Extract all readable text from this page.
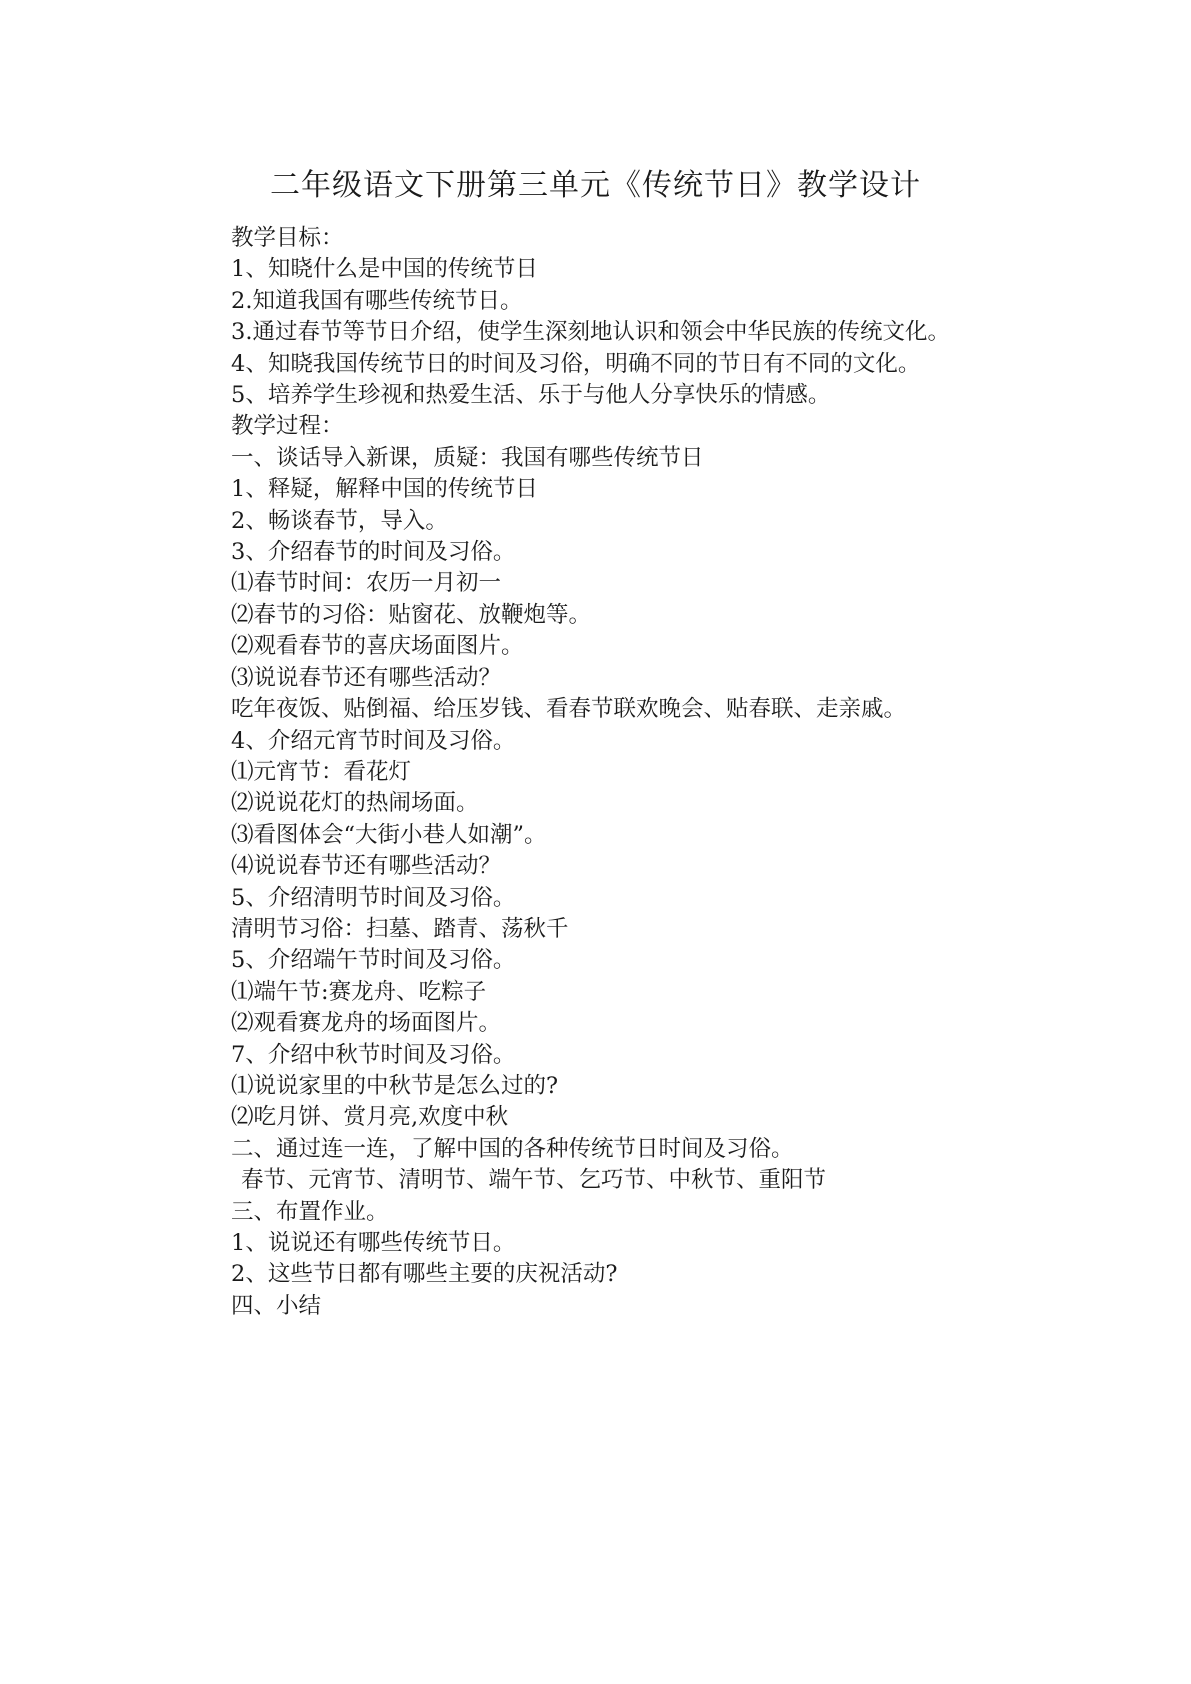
二年级语文下册第三单元《传统节日》教学设计
教学目标：
1、知晓什么是中国的传统节日
2.知道我国有哪些传统节日。
3.通过春节等节日介绍，使学生深刻地认识和领会中华民族的传统文化。
4、知晓我国传统节日的时间及习俗，明确不同的节日有不同的文化。
5、培养学生珍视和热爱生活、乐于与他人分享快乐的情感。
教学过程：
一、谈话导入新课，质疑：我国有哪些传统节日
1、释疑，解释中国的传统节日
2、畅谈春节，导入。
3、介绍春节的时间及习俗。
⑴春节时间：农历一月初一
⑵春节的习俗：贴窗花、放鞭炮等。
⑵观看春节的喜庆场面图片。
⑶说说春节还有哪些活动？
吃年夜饭、贴倒福、给压岁钱、看春节联欢晚会、贴春联、走亲戚。
4、介绍元宵节时间及习俗。
⑴元宵节：看花灯
⑵说说花灯的热闹场面。
⑶看图体会“大街小巷人如潮”。
⑷说说春节还有哪些活动？
5、介绍清明节时间及习俗。
清明节习俗：扫墓、踏青、荡秋千
5、介绍端午节时间及习俗。
⑴端午节:赛龙舟、吃粽子
⑵观看赛龙舟的场面图片。
7、介绍中秋节时间及习俗。
⑴说说家里的中秋节是怎么过的?
⑵吃月饼、赏月亮,欢度中秋
二、通过连一连，了解中国的各种传统节日时间及习俗。
春节、元宵节、清明节、端午节、乞巧节、中秋节、重阳节
三、布置作业。
1、说说还有哪些传统节日。
2、这些节日都有哪些主要的庆祝活动?
四、小结
